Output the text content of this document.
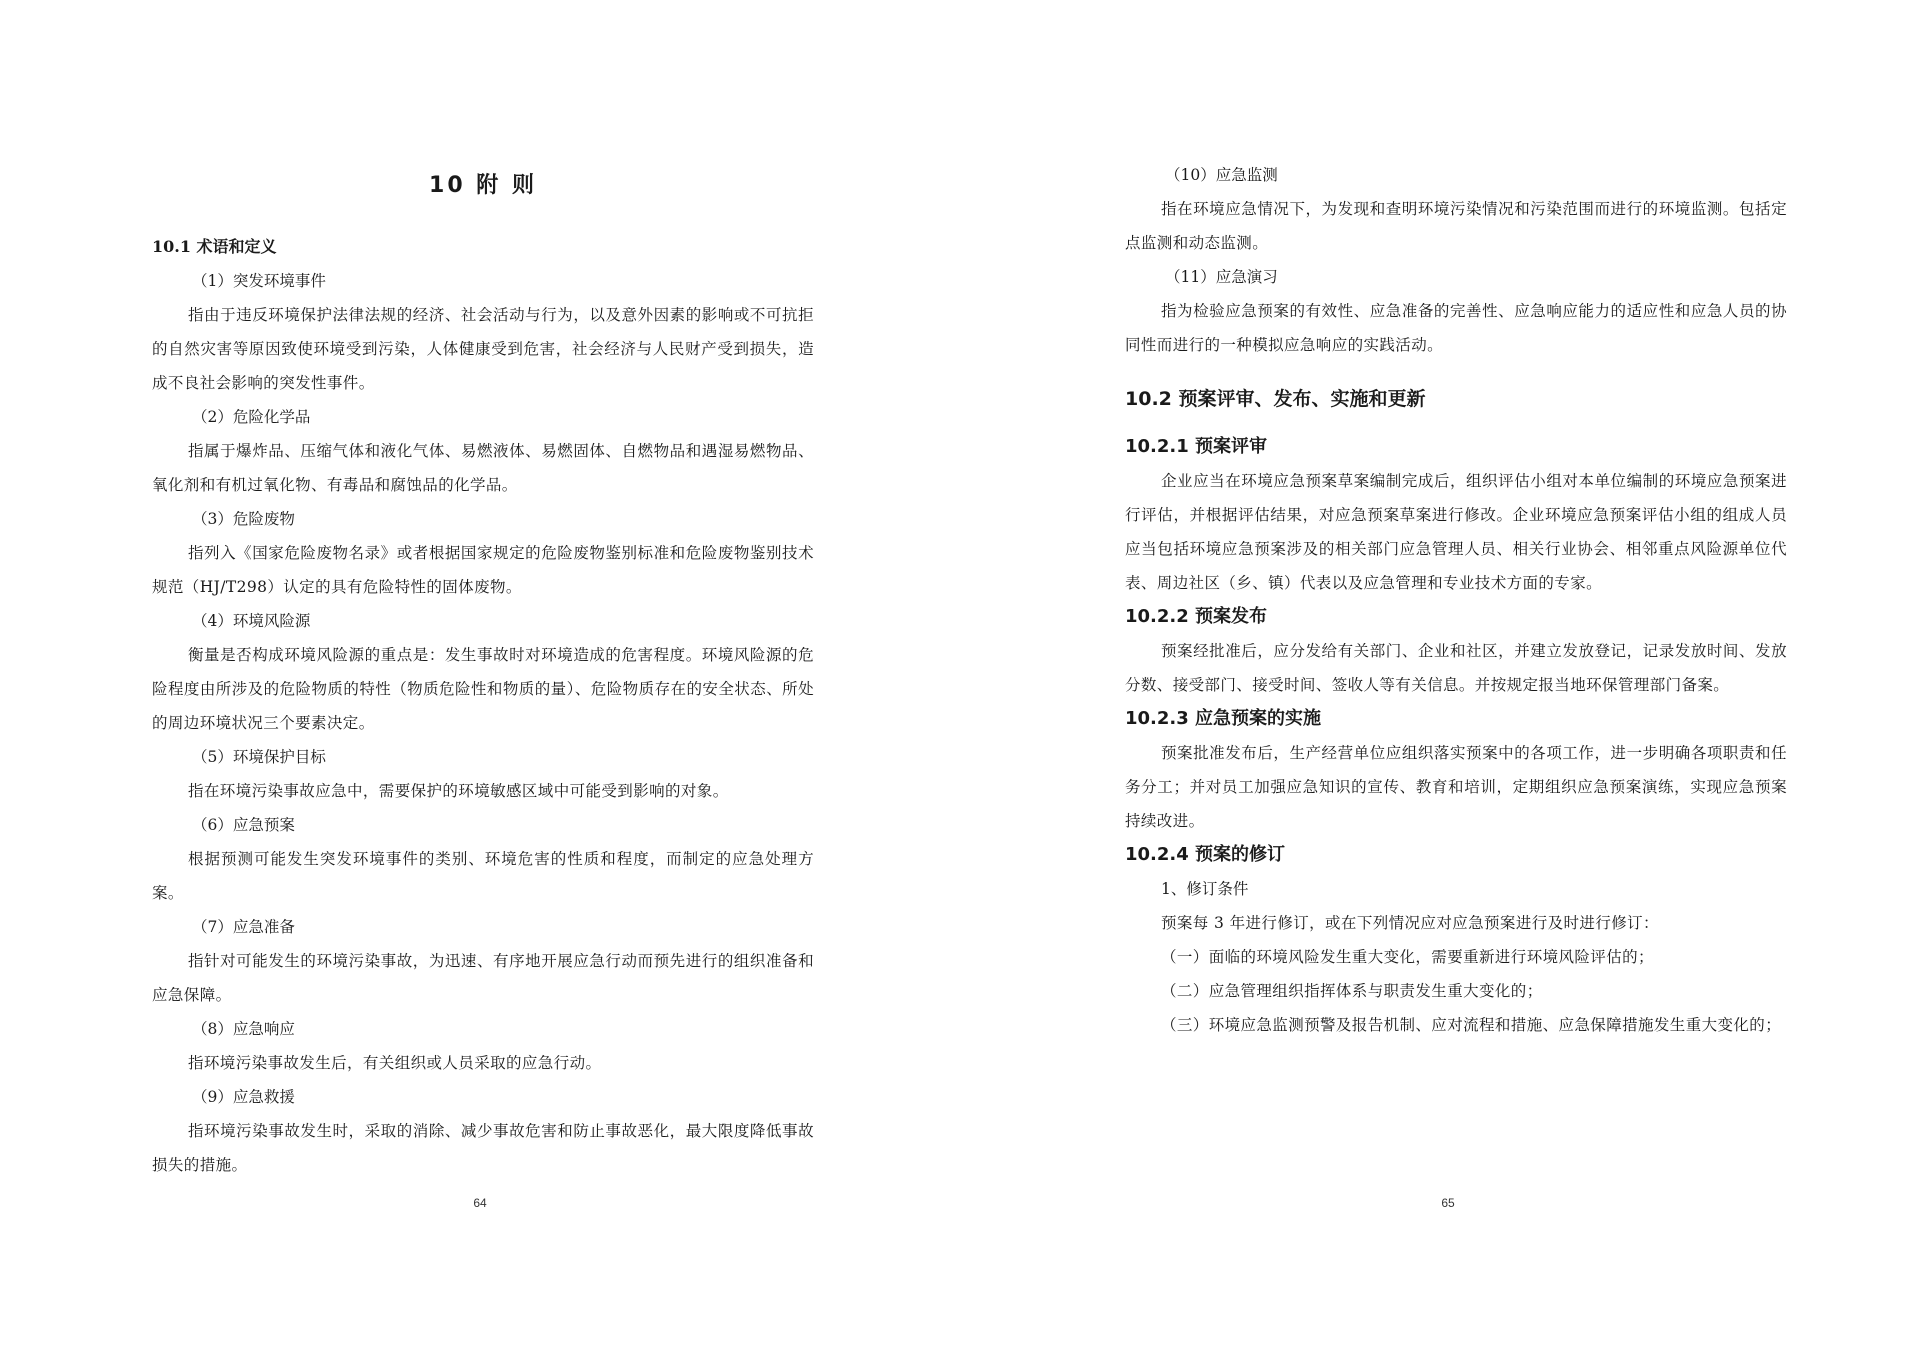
10 附 则
10.1 术语和定义
（1）突发环境事件
指由于违反环境保护法律法规的经济、社会活动与行为，以及意外因素的影响或不可抗拒的自然灾害等原因致使环境受到污染，人体健康受到危害，社会经济与人民财产受到损失，造成不良社会影响的突发性事件。
（2）危险化学品
指属于爆炸品、压缩气体和液化气体、易燃液体、易燃固体、自燃物品和遇湿易燃物品、氧化剂和有机过氧化物、有毒品和腐蚀品的化学品。
（3）危险废物
指列入《国家危险废物名录》或者根据国家规定的危险废物鉴别标准和危险废物鉴别技术规范（HJ/T298）认定的具有危险特性的固体废物。
（4）环境风险源
衡量是否构成环境风险源的重点是：发生事故时对环境造成的危害程度。环境风险源的危险程度由所涉及的危险物质的特性（物质危险性和物质的量）、危险物质存在的安全状态、所处的周边环境状况三个要素决定。
（5）环境保护目标
指在环境污染事故应急中，需要保护的环境敏感区域中可能受到影响的对象。
（6）应急预案
根据预测可能发生突发环境事件的类别、环境危害的性质和程度，而制定的应急处理方案。
（7）应急准备
指针对可能发生的环境污染事故，为迅速、有序地开展应急行动而预先进行的组织准备和应急保障。
（8）应急响应
指环境污染事故发生后，有关组织或人员采取的应急行动。
（9）应急救援
指环境污染事故发生时，采取的消除、减少事故危害和防止事故恶化，最大限度降低事故损失的措施。
64
（10）应急监测
指在环境应急情况下，为发现和查明环境污染情况和污染范围而进行的环境监测。包括定点监测和动态监测。
（11）应急演习
指为检验应急预案的有效性、应急准备的完善性、应急响应能力的适应性和应急人员的协同性而进行的一种模拟应急响应的实践活动。
10.2 预案评审、发布、实施和更新
10.2.1 预案评审
企业应当在环境应急预案草案编制完成后，组织评估小组对本单位编制的环境应急预案进行评估，并根据评估结果，对应急预案草案进行修改。企业环境应急预案评估小组的组成人员应当包括环境应急预案涉及的相关部门应急管理人员、相关行业协会、相邻重点风险源单位代表、周边社区（乡、镇）代表以及应急管理和专业技术方面的专家。
10.2.2 预案发布
预案经批准后，应分发给有关部门、企业和社区，并建立发放登记，记录发放时间、发放分数、接受部门、接受时间、签收人等有关信息。并按规定报当地环保管理部门备案。
10.2.3 应急预案的实施
预案批准发布后，生产经营单位应组织落实预案中的各项工作，进一步明确各项职责和任务分工；并对员工加强应急知识的宣传、教育和培训，定期组织应急预案演练，实现应急预案持续改进。
10.2.4 预案的修订
1、修订条件
预案每 3 年进行修订，或在下列情况应对应急预案进行及时进行修订：
（一）面临的环境风险发生重大变化，需要重新进行环境风险评估的；
（二）应急管理组织指挥体系与职责发生重大变化的；
（三）环境应急监测预警及报告机制、应对流程和措施、应急保障措施发生重大变化的；
65
